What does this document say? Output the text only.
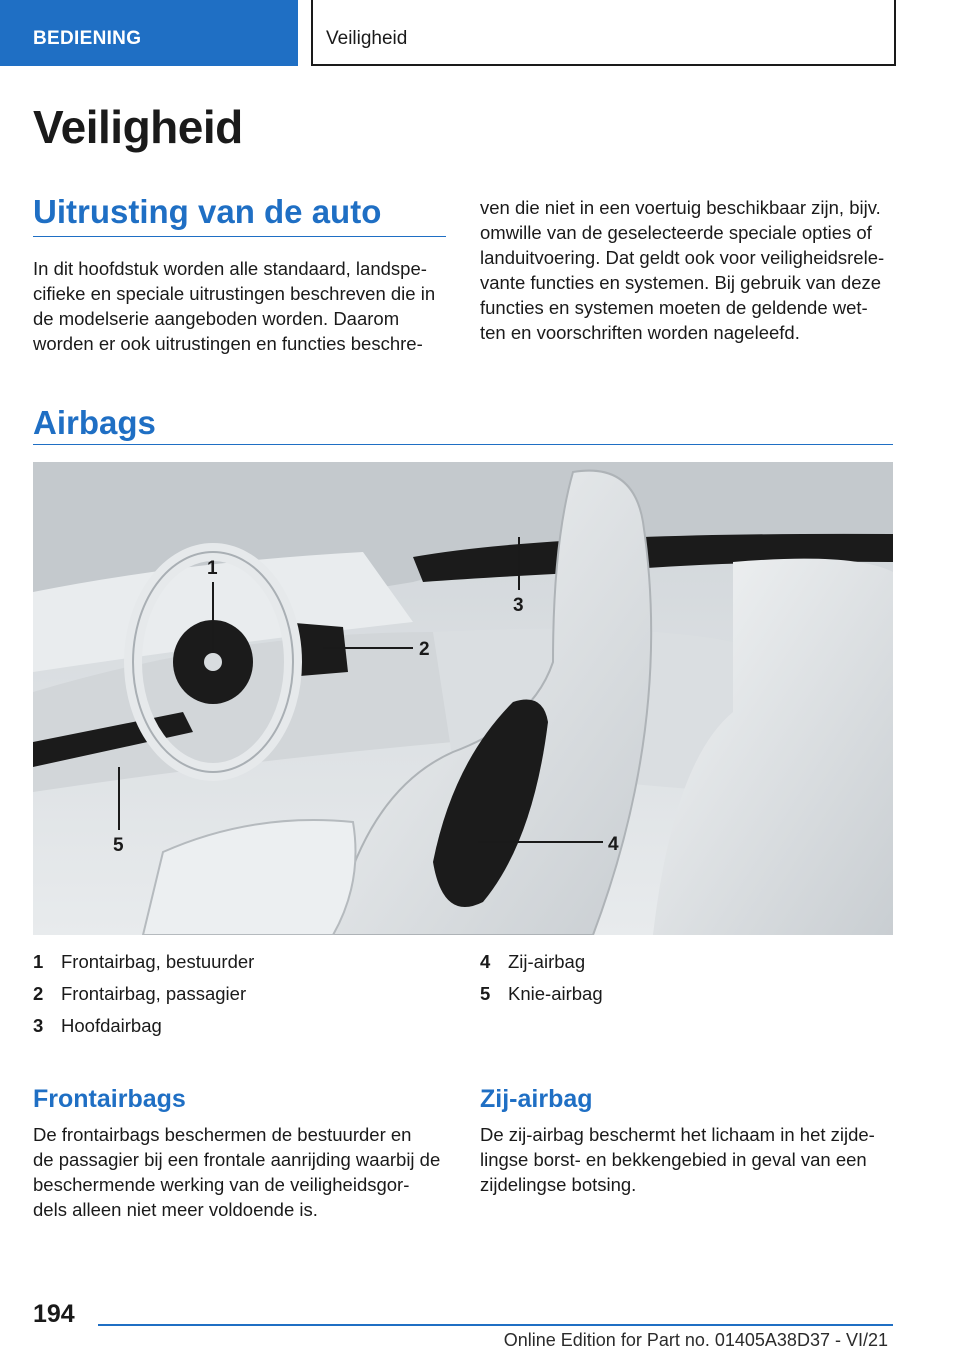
BEDIENING	Veiligheid
Veiligheid
Uitrusting van de auto
In dit hoofdstuk worden alle standaard, landspe-
cifieke en speciale uitrustingen beschreven die in
de modelserie aangeboden worden. Daarom
worden er ook uitrustingen en functies beschre-
ven die niet in een voertuig beschikbaar zijn, bijv.
omwille van de geselecteerde speciale opties of
landuitvoering. Dat geldt ook voor veiligheidsrele-
vante functies en systemen. Bij gebruik van deze
functies en systemen moeten de geldende wet-
ten en voorschriften worden nageleefd.
Airbags
1
2
3
4
5
1 Frontairbag, bestuurder
2 Frontairbag, passagier
3 Hoofdairbag
4 Zij-airbag
5 Knie-airbag
Frontairbags
De frontairbags beschermen de bestuurder en
de passagier bij een frontale aanrijding waarbij de
beschermende werking van de veiligheidsgor-
dels alleen niet meer voldoende is.
Zij-airbag
De zij-airbag beschermt het lichaam in het zijde-
lingse borst- en bekkengebied in geval van een
zijdelingse botsing.
194
Online Edition for Part no. 01405A38D37 - VI/21
